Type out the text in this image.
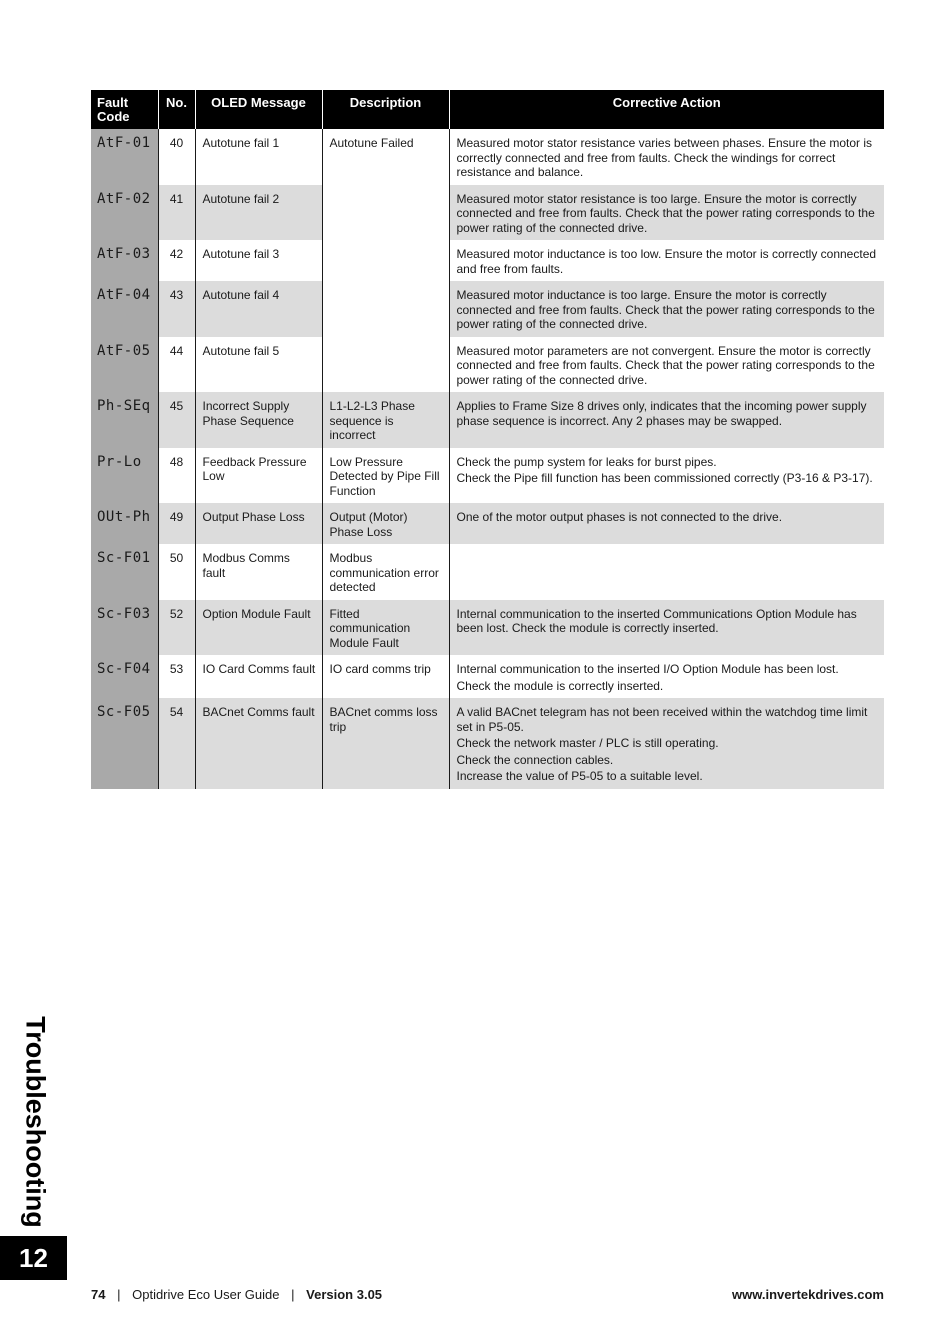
Fault Code	No.	OLED Message	Description	Corrective Action
AtF-01	40	Autotune fail 1	Autotune Failed	Measured motor stator resistance varies between phases. Ensure the motor is correctly connected and free from faults. Check the windings for correct resistance and balance.

AtF-02	41	Autotune fail 2		Measured motor stator resistance is too large. Ensure the motor is correctly connected and free from faults. Check that the power rating corresponds to the power rating of the connected drive.

AtF-03	42	Autotune fail 3		Measured motor inductance is too low. Ensure the motor is correctly connected and free from faults.

AtF-04	43	Autotune fail 4		Measured motor inductance is too large. Ensure the motor is correctly connected and free from faults. Check that the power rating corresponds to the power rating of the connected drive.

AtF-05	44	Autotune fail 5		Measured motor parameters are not convergent. Ensure the motor is correctly connected and free from faults. Check that the power rating corresponds to the power rating of the connected drive.

Ph-SEq	45	Incorrect Supply Phase Sequence	L1-L2-L3 Phase sequence is incorrect	Applies to Frame Size 8 drives only, indicates that the incoming power supply phase sequence is incorrect. Any 2 phases may be swapped.

Pr-Lo	48	Feedback Pressure Low	Low Pressure Detected by Pipe Fill Function	Check the pump system for leaks for burst pipes.
Check the Pipe fill function has been commissioned correctly (P3-16 & P3-17).

OUt-Ph	49	Output Phase Loss	Output (Motor) Phase Loss	One of the motor output phases is not connected to the drive.

Sc-F01	50	Modbus Comms fault	Modbus communication error detected	
Sc-F03	52	Option Module Fault	Fitted communication Module Fault	Internal communication to the inserted Communications Option Module has been lost. Check the module is correctly inserted.

Sc-F04	53	IO Card Comms fault	IO card comms trip	Internal communication to the inserted I/O Option Module has been lost.
Check the module is correctly inserted.

Sc-F05	54	BACnet Comms fault	BACnet comms loss trip	A valid BACnet telegram has not been received within the watchdog time limit set in P5-05.
Check the network master / PLC is still operating.
Check the connection cables.
Increase the value of P5-05 to a suitable level.
Troubleshooting
12
74 | Optidrive Eco User Guide | Version 3.05	www.invertekdrives.com
